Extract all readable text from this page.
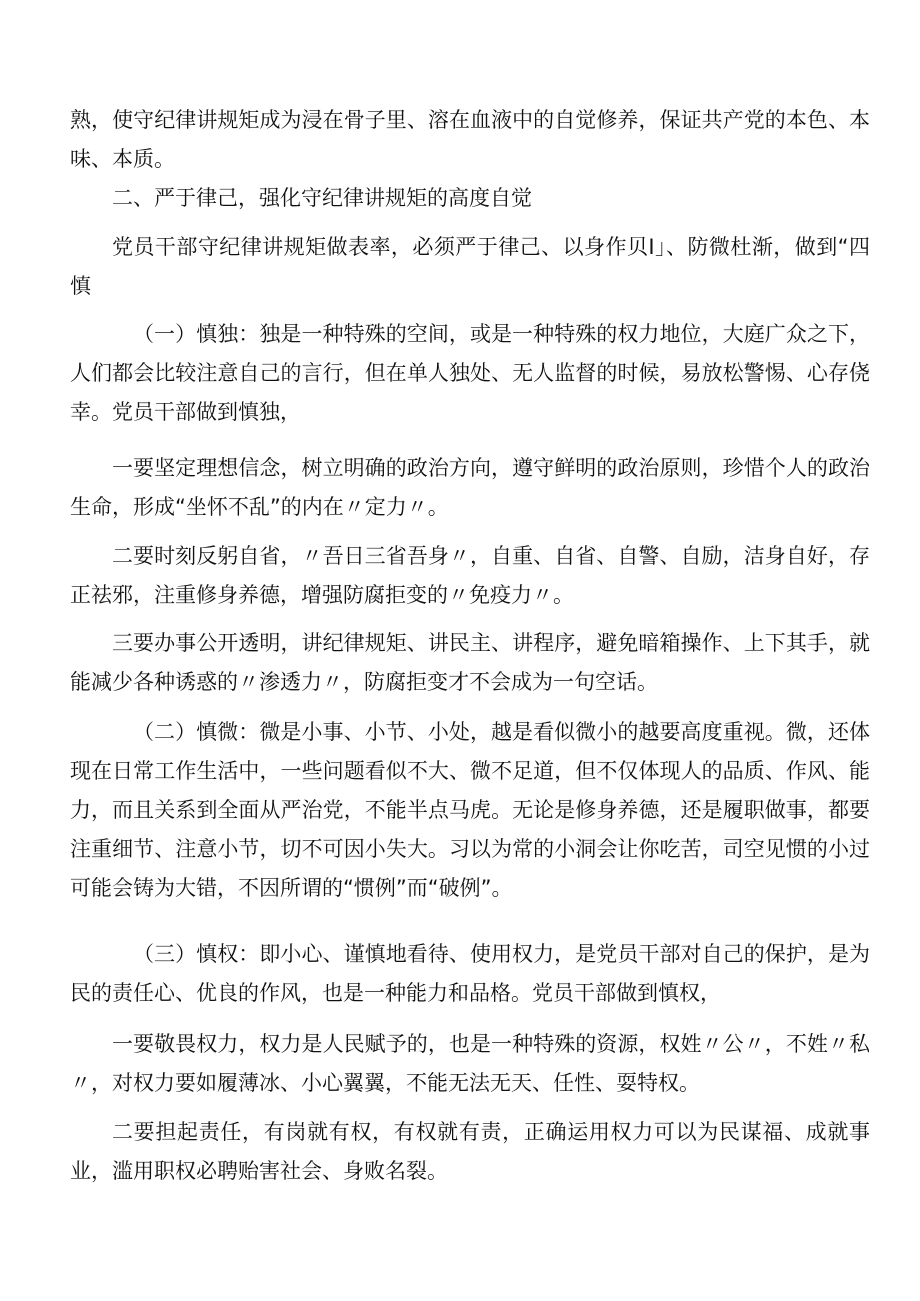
熟，使守纪律讲规矩成为浸在骨子里、溶在血液中的自觉修养，保证共产党的本色、本味、本质。

二、严于律己，强化守纪律讲规矩的高度自觉

党员干部守纪律讲规矩做表率，必须严于律己、以身作贝I」、防微杜渐，做到“四慎

（一）慎独：独是一种特殊的空间，或是一种特殊的权力地位，大庭广众之下，人们都会比较注意自己的言行，但在单人独处、无人监督的时候，易放松警惕、心存侥幸。党员干部做到慎独，

一要坚定理想信念，树立明确的政治方向，遵守鲜明的政治原则，珍惜个人的政治生命，形成“坐怀不乱”的内在〃定力〃。

二要时刻反躬自省，〃吾日三省吾身〃，自重、自省、自警、自励，洁身自好，存正祛邪，注重修身养德，增强防腐拒变的〃免疫力〃。

三要办事公开透明，讲纪律规矩、讲民主、讲程序，避免暗箱操作、上下其手，就能减少各种诱惑的〃渗透力〃，防腐拒变才不会成为一句空话。

（二）慎微：微是小事、小节、小处，越是看似微小的越要高度重视。微，还体现在日常工作生活中，一些问题看似不大、微不足道，但不仅体现人的品质、作风、能力，而且关系到全面从严治党，不能半点马虎。无论是修身养德，还是履职做事，都要注重细节、注意小节，切不可因小失大。习以为常的小洞会让你吃苦，司空见惯的小过可能会铸为大错，不因所谓的“惯例”而“破例”。

（三）慎权：即小心、谨慎地看待、使用权力，是党员干部对自己的保护，是为民的责任心、优良的作风，也是一种能力和品格。党员干部做到慎权，

一要敬畏权力，权力是人民赋予的，也是一种特殊的资源，权姓〃公〃，不姓〃私〃，对权力要如履薄冰、小心翼翼，不能无法无天、任性、耍特权。

二要担起责任，有岗就有权，有权就有责，正确运用权力可以为民谋福、成就事业，滥用职权必聘贻害社会、身败名裂。
